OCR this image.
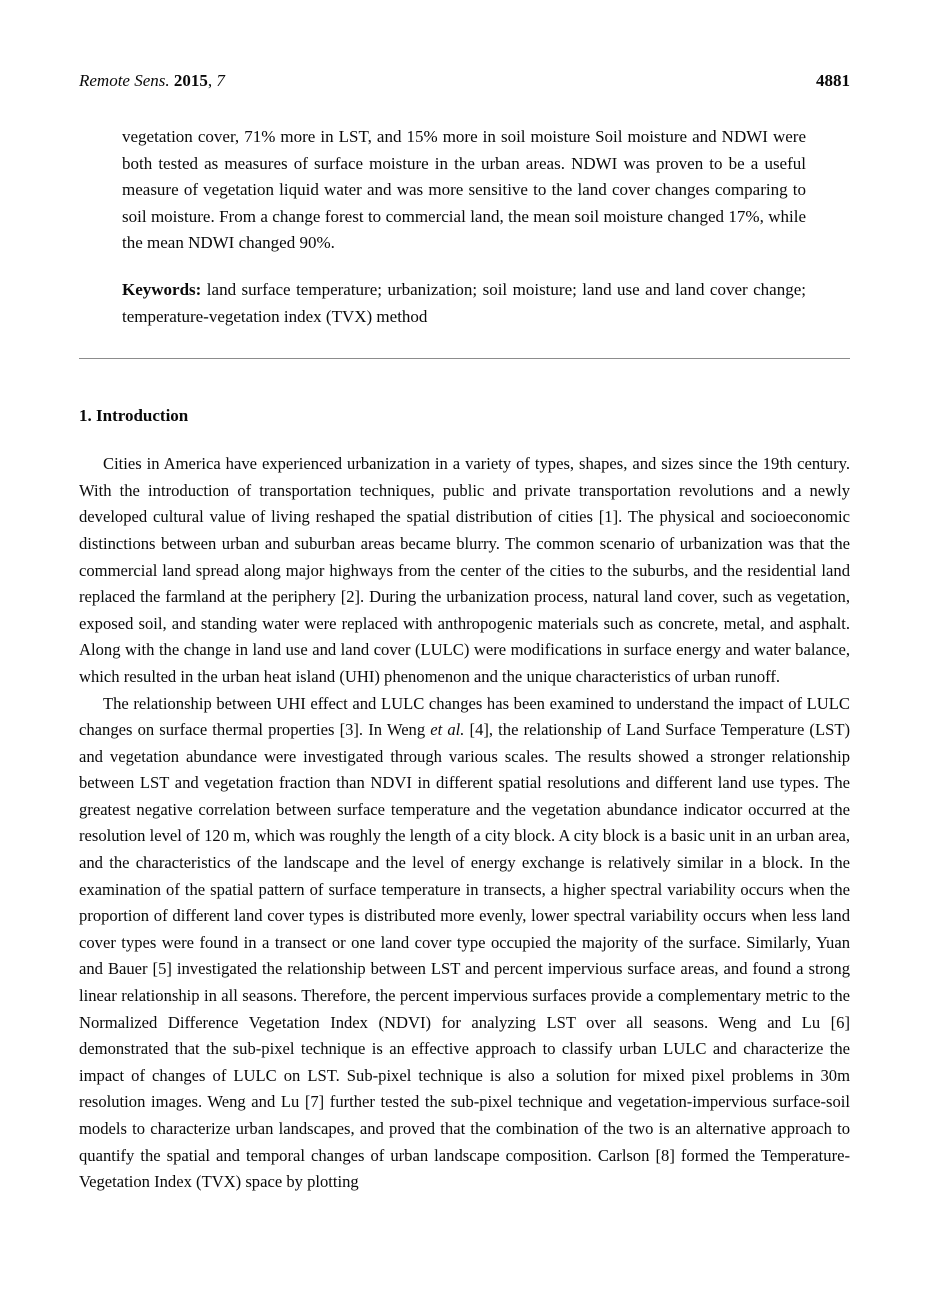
Remote Sens. 2015, 7	4881

vegetation cover, 71% more in LST, and 15% more in soil moisture Soil moisture and NDWI were both tested as measures of surface moisture in the urban areas. NDWI was proven to be a useful measure of vegetation liquid water and was more sensitive to the land cover changes comparing to soil moisture. From a change forest to commercial land, the mean soil moisture changed 17%, while the mean NDWI changed 90%.

Keywords: land surface temperature; urbanization; soil moisture; land use and land cover change; temperature-vegetation index (TVX) method

1. Introduction

Cities in America have experienced urbanization in a variety of types, shapes, and sizes since the 19th century. With the introduction of transportation techniques, public and private transportation revolutions and a newly developed cultural value of living reshaped the spatial distribution of cities [1]. The physical and socioeconomic distinctions between urban and suburban areas became blurry. The common scenario of urbanization was that the commercial land spread along major highways from the center of the cities to the suburbs, and the residential land replaced the farmland at the periphery [2]. During the urbanization process, natural land cover, such as vegetation, exposed soil, and standing water were replaced with anthropogenic materials such as concrete, metal, and asphalt. Along with the change in land use and land cover (LULC) were modifications in surface energy and water balance, which resulted in the urban heat island (UHI) phenomenon and the unique characteristics of urban runoff.

The relationship between UHI effect and LULC changes has been examined to understand the impact of LULC changes on surface thermal properties [3]. In Weng et al. [4], the relationship of Land Surface Temperature (LST) and vegetation abundance were investigated through various scales. The results showed a stronger relationship between LST and vegetation fraction than NDVI in different spatial resolutions and different land use types. The greatest negative correlation between surface temperature and the vegetation abundance indicator occurred at the resolution level of 120 m, which was roughly the length of a city block. A city block is a basic unit in an urban area, and the characteristics of the landscape and the level of energy exchange is relatively similar in a block. In the examination of the spatial pattern of surface temperature in transects, a higher spectral variability occurs when the proportion of different land cover types is distributed more evenly, lower spectral variability occurs when less land cover types were found in a transect or one land cover type occupied the majority of the surface. Similarly, Yuan and Bauer [5] investigated the relationship between LST and percent impervious surface areas, and found a strong linear relationship in all seasons. Therefore, the percent impervious surfaces provide a complementary metric to the Normalized Difference Vegetation Index (NDVI) for analyzing LST over all seasons. Weng and Lu [6] demonstrated that the sub-pixel technique is an effective approach to classify urban LULC and characterize the impact of changes of LULC on LST. Sub-pixel technique is also a solution for mixed pixel problems in 30m resolution images. Weng and Lu [7] further tested the sub-pixel technique and vegetation-impervious surface-soil models to characterize urban landscapes, and proved that the combination of the two is an alternative approach to quantify the spatial and temporal changes of urban landscape composition. Carlson [8] formed the Temperature-Vegetation Index (TVX) space by plotting
